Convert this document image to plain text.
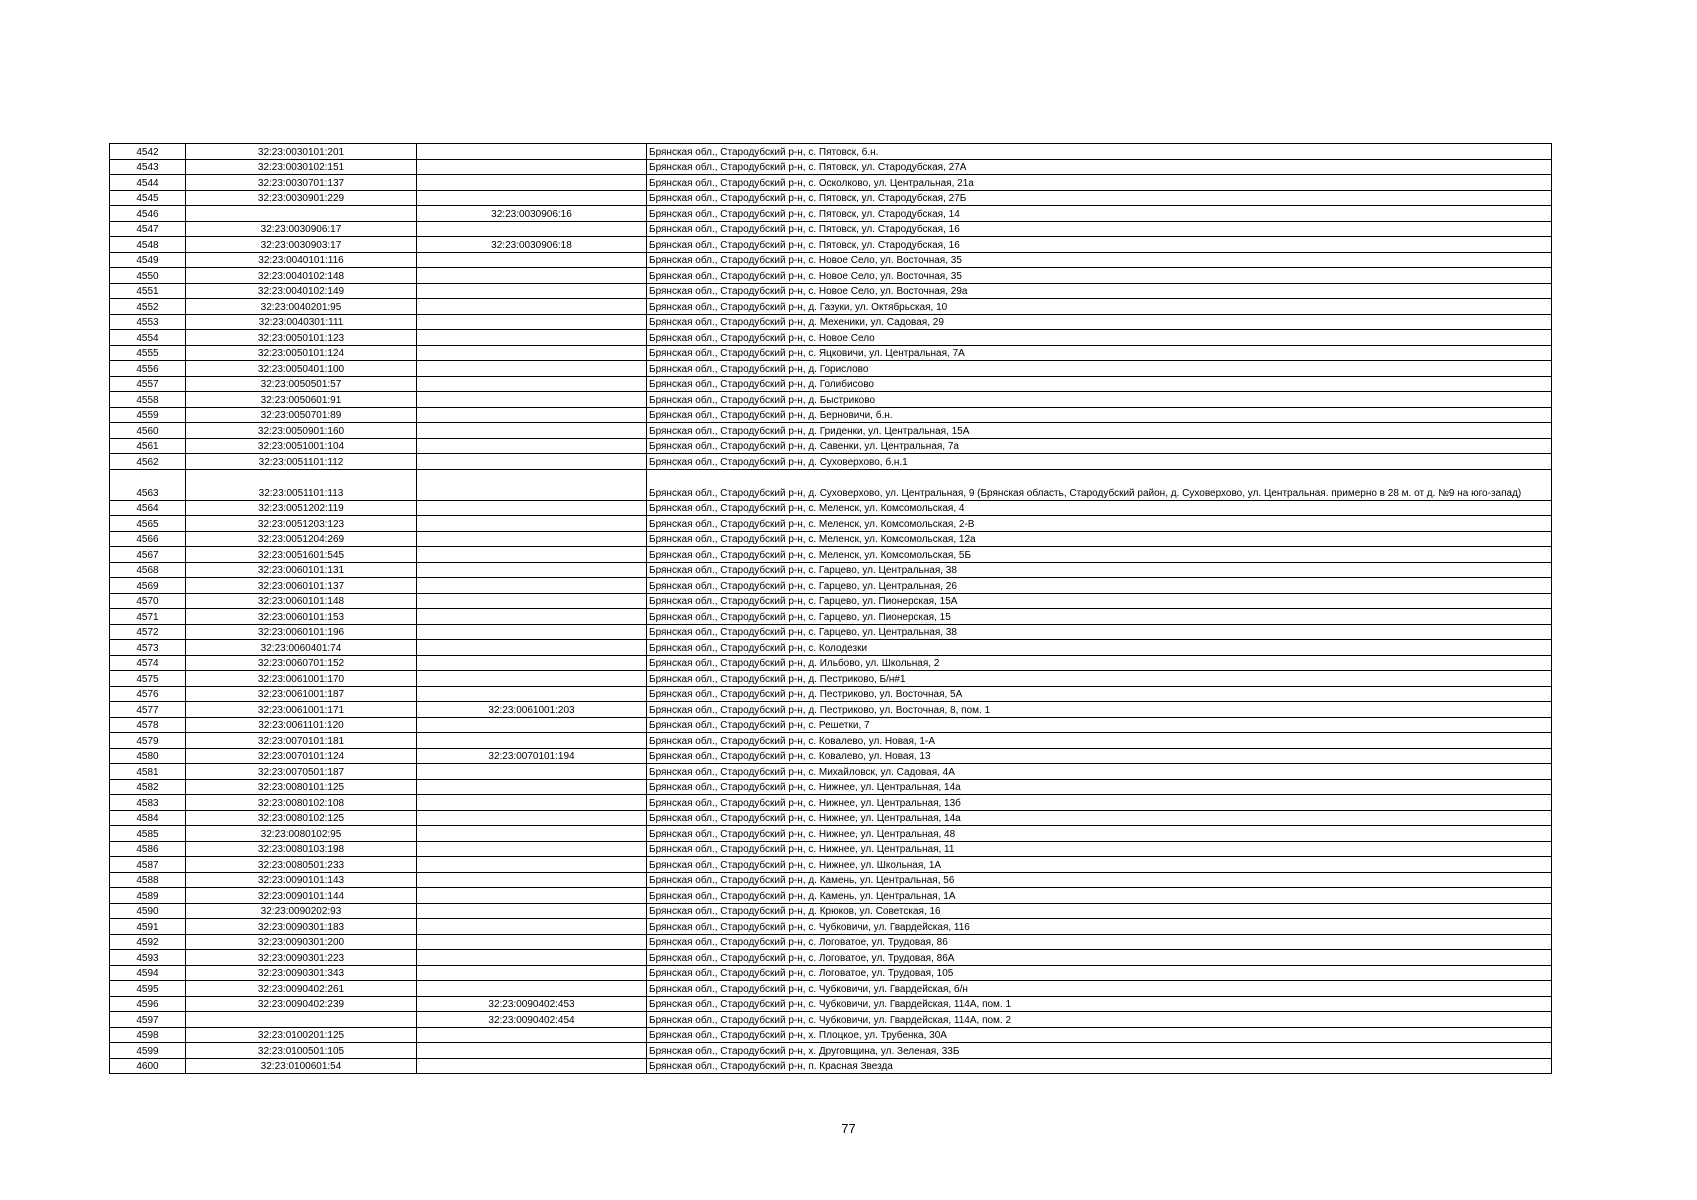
4542	32:23:0030101:201		Брянская обл., Стародубский р-н, с. Пятовск, б.н.
4543	32:23:0030102:151		Брянская обл., Стародубский р-н, с. Пятовск, ул. Стародубская, 27А
4544	32:23:0030701:137		Брянская обл., Стародубский р-н, с. Осколково, ул. Центральная, 21а
4545	32:23:0030901:229		Брянская обл., Стародубский р-н, с. Пятовск, ул. Стародубская, 27Б
4546		32:23:0030906:16	Брянская обл., Стародубский р-н, с. Пятовск, ул. Стародубская, 14
4547	32:23:0030906:17		Брянская обл., Стародубский р-н, с. Пятовск, ул. Стародубская, 16
4548	32:23:0030903:17	32:23:0030906:18	Брянская обл., Стародубский р-н, с. Пятовск, ул. Стародубская, 16
4549	32:23:0040101:116		Брянская обл., Стародубский р-н, с. Новое Село, ул. Восточная, 35
4550	32:23:0040102:148		Брянская обл., Стародубский р-н, с. Новое Село, ул. Восточная, 35
4551	32:23:0040102:149		Брянская обл., Стародубский р-н, с. Новое Село, ул. Восточная, 29а
4552	32:23:0040201:95		Брянская обл., Стародубский р-н, д. Газуки, ул. Октябрьская, 10
4553	32:23:0040301:111		Брянская обл., Стародубский р-н, д. Мехеники, ул. Садовая, 29
4554	32:23:0050101:123		Брянская обл., Стародубский р-н, с. Новое Село
4555	32:23:0050101:124		Брянская обл., Стародубский р-н, с. Яцковичи, ул. Центральная, 7А
4556	32:23:0050401:100		Брянская обл., Стародубский р-н, д. Горислово
4557	32:23:0050501:57		Брянская обл., Стародубский р-н, д. Голибисово
4558	32:23:0050601:91		Брянская обл., Стародубский р-н, д. Быстриково
4559	32:23:0050701:89		Брянская обл., Стародубский р-н, д. Берновичи, б.н.
4560	32:23:0050901:160		Брянская обл., Стародубский р-н, д. Гриденки, ул. Центральная, 15А
4561	32:23:0051001:104		Брянская обл., Стародубский р-н, д. Савенки, ул. Центральная, 7а
4562	32:23:0051101:112		Брянская обл., Стародубский р-н, д. Суховерхово, б.н.1
4563	32:23:0051101:113		Брянская обл., Стародубский р-н, д. Суховерхово, ул. Центральная, 9 (Брянская область, Стародубский район, д. Суховерхово, ул. Центральная. примерно в 28 м. от д. №9 на юго-запад)
4564	32:23:0051202:119		Брянская обл., Стародубский р-н, с. Меленск, ул. Комсомольская, 4
4565	32:23:0051203:123		Брянская обл., Стародубский р-н, с. Меленск, ул. Комсомольская, 2-В
4566	32:23:0051204:269		Брянская обл., Стародубский р-н, с. Меленск, ул. Комсомольская, 12а
4567	32:23:0051601:545		Брянская обл., Стародубский р-н, с. Меленск, ул. Комсомольская, 5Б
4568	32:23:0060101:131		Брянская обл., Стародубский р-н, с. Гарцево, ул. Центральная, 38
4569	32:23:0060101:137		Брянская обл., Стародубский р-н, с. Гарцево, ул. Центральная, 26
4570	32:23:0060101:148		Брянская обл., Стародубский р-н, с. Гарцево, ул. Пионерская, 15А
4571	32:23:0060101:153		Брянская обл., Стародубский р-н, с. Гарцево, ул. Пионерская, 15
4572	32:23:0060101:196		Брянская обл., Стародубский р-н, с. Гарцево, ул. Центральная, 38
4573	32:23:0060401:74		Брянская обл., Стародубский р-н, с. Колодезки
4574	32:23:0060701:152		Брянская обл., Стародубский р-н, д. Ильбово, ул. Школьная, 2
4575	32:23:0061001:170		Брянская обл., Стародубский р-н, д. Пестриково, Б/н#1
4576	32:23:0061001:187		Брянская обл., Стародубский р-н, д. Пестриково, ул. Восточная, 5А
4577	32:23:0061001:171	32:23:0061001:203	Брянская обл., Стародубский р-н, д. Пестриково, ул. Восточная, 8, пом. 1
4578	32:23:0061101:120		Брянская обл., Стародубский р-н, с. Решетки, 7
4579	32:23:0070101:181		Брянская обл., Стародубский р-н, с. Ковалево, ул. Новая, 1-А
4580	32:23:0070101:124	32:23:0070101:194	Брянская обл., Стародубский р-н, с. Ковалево, ул. Новая, 13
4581	32:23:0070501:187		Брянская обл., Стародубский р-н, с. Михайловск, ул. Садовая, 4А
4582	32:23:0080101:125		Брянская обл., Стародубский р-н, с. Нижнее, ул. Центральная, 14а
4583	32:23:0080102:108		Брянская обл., Стародубский р-н, с. Нижнее, ул. Центральная, 13б
4584	32:23:0080102:125		Брянская обл., Стародубский р-н, с. Нижнее, ул. Центральная, 14а
4585	32:23:0080102:95		Брянская обл., Стародубский р-н, с. Нижнее, ул. Центральная, 48
4586	32:23:0080103:198		Брянская обл., Стародубский р-н, с. Нижнее, ул. Центральная, 11
4587	32:23:0080501:233		Брянская обл., Стародубский р-н, с. Нижнее, ул. Школьная, 1А
4588	32:23:0090101:143		Брянская обл., Стародубский р-н, д. Камень, ул. Центральная, 56
4589	32:23:0090101:144		Брянская обл., Стародубский р-н, д. Камень, ул. Центральная, 1А
4590	32:23:0090202:93		Брянская обл., Стародубский р-н, д. Крюков, ул. Советская, 16
4591	32:23:0090301:183		Брянская обл., Стародубский р-н, с. Чубковичи, ул. Гвардейская, 116
4592	32:23:0090301:200		Брянская обл., Стародубский р-н, с. Логоватое, ул. Трудовая, 86
4593	32:23:0090301:223		Брянская обл., Стародубский р-н, с. Логоватое, ул. Трудовая, 86А
4594	32:23:0090301:343		Брянская обл., Стародубский р-н, с. Логоватое, ул. Трудовая, 105
4595	32:23:0090402:261		Брянская обл., Стародубский р-н, с. Чубковичи, ул. Гвардейская, б/н
4596	32:23:0090402:239	32:23:0090402:453	Брянская обл., Стародубский р-н, с. Чубковичи, ул. Гвардейская, 114А, пом. 1
4597		32:23:0090402:454	Брянская обл., Стародубский р-н, с. Чубковичи, ул. Гвардейская, 114А, пом. 2
4598	32:23:0100201:125		Брянская обл., Стародубский р-н, х. Плоцкое, ул. Трубенка, 30А
4599	32:23:0100501:105		Брянская обл., Стародубский р-н, х. Друговщина, ул. Зеленая, 33Б
4600	32:23:0100601:54		Брянская обл., Стародубский р-н, п. Красная Звезда
77
